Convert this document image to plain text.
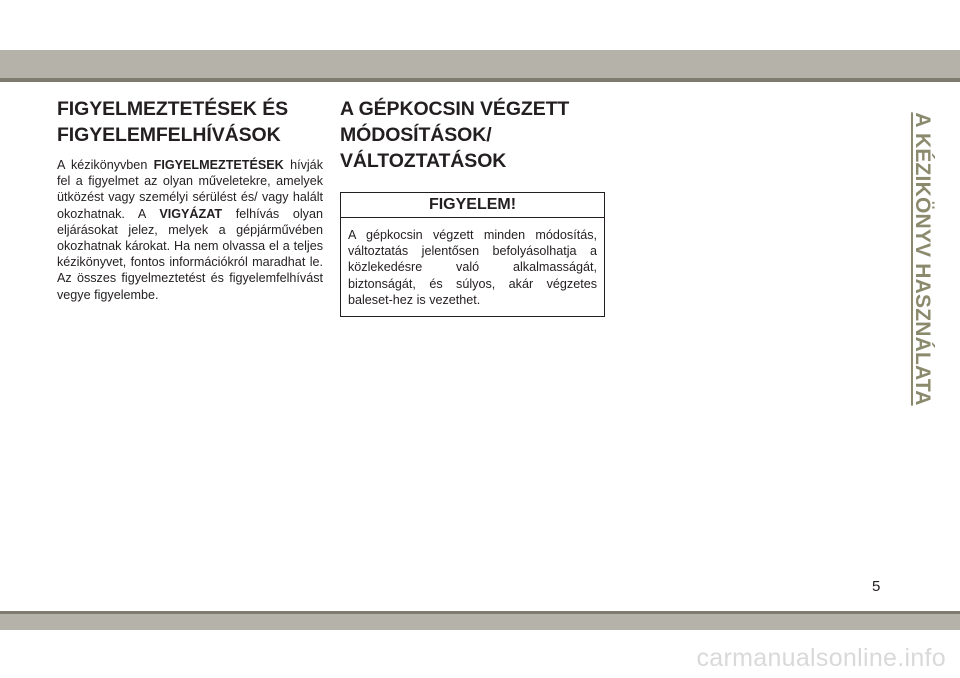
FIGYELMEZTETÉSEK ÉS
FIGYELEMFELHÍVÁSOK

A kézikönyvben FIGYELMEZTETÉSEK hívják fel a figyelmet az olyan műveletekre, amelyek ütközést vagy személyi sérülést és/ vagy halált okozhatnak. A VIGYÁZAT felhívás olyan eljárásokat jelez, melyek a gépjárművében okozhatnak károkat. Ha nem olvassa el a teljes kézikönyvet, fontos információkról maradhat le. Az összes figyelmeztetést és figyelemfelhívást vegye figyelembe.

A GÉPKOCSIN VÉGZETT
MÓDOSÍTÁSOK/
VÁLTOZTATÁSOK
FIGYELEM!

A gépkocsin végzett minden módosítás, változtatás jelentősen befolyásolhatja a közlekedésre való alkalmasságát, biztonságát, és súlyos, akár végzetes baleset-hez is vezethet.	A KÉZIKÖNYV HASZNÁLATA
5
carmanualsonline.info
